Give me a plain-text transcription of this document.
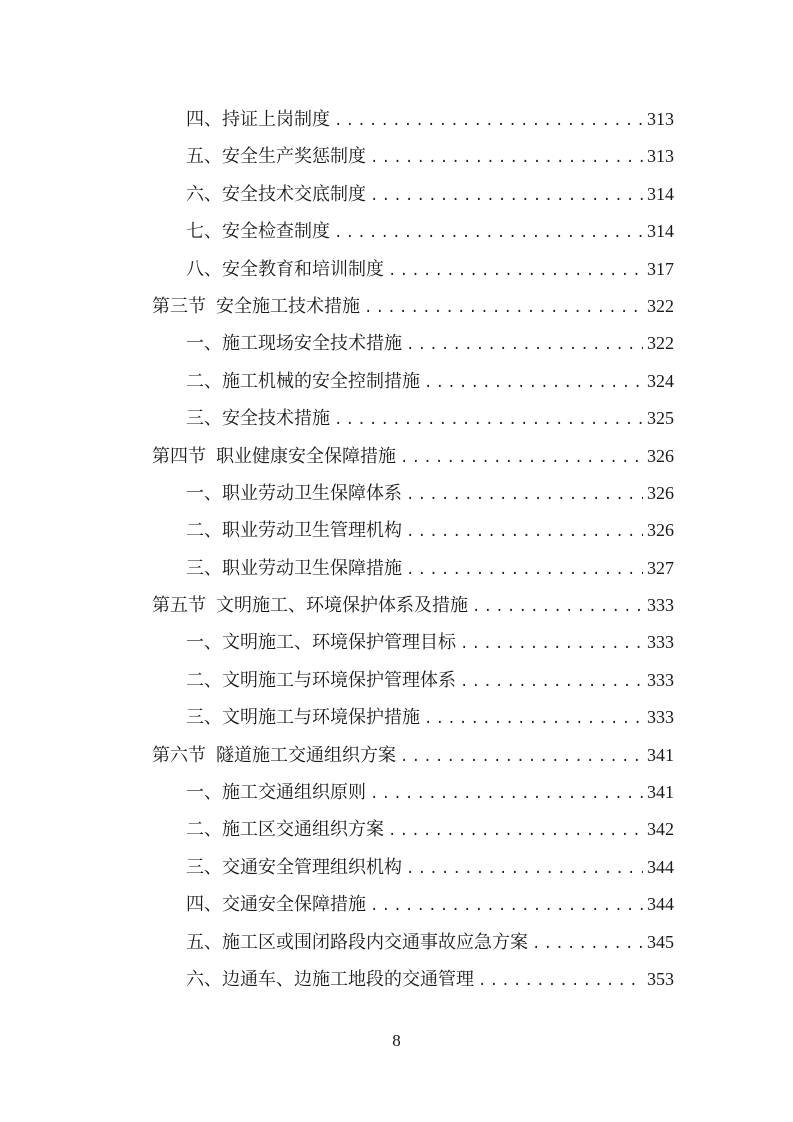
四、持证上岗制度 .....	313
五、安全生产奖惩制度 .....	313
六、安全技术交底制度 .....	314
七、安全检查制度 .....	314
八、安全教育和培训制度 .....	317
第三节 安全施工技术措施 .....	322
一、施工现场安全技术措施 .....	322
二、施工机械的安全控制措施 .....	324
三、安全技术措施 .....	325
第四节 职业健康安全保障措施 .....	326
一、职业劳动卫生保障体系 .....	326
二、职业劳动卫生管理机构 .....	326
三、职业劳动卫生保障措施 .....	327
第五节 文明施工、环境保护体系及措施 .....	333
一、文明施工、环境保护管理目标 .....	333
二、文明施工与环境保护管理体系 .....	333
三、文明施工与环境保护措施 .....	333
第六节 隧道施工交通组织方案 .....	341
一、施工交通组织原则 .....	341
二、施工区交通组织方案 .....	342
三、交通安全管理组织机构 .....	344
四、交通安全保障措施 .....	344
五、施工区或围闭路段内交通事故应急方案 .....	345
六、边通车、边施工地段的交通管理 .....	353
8
